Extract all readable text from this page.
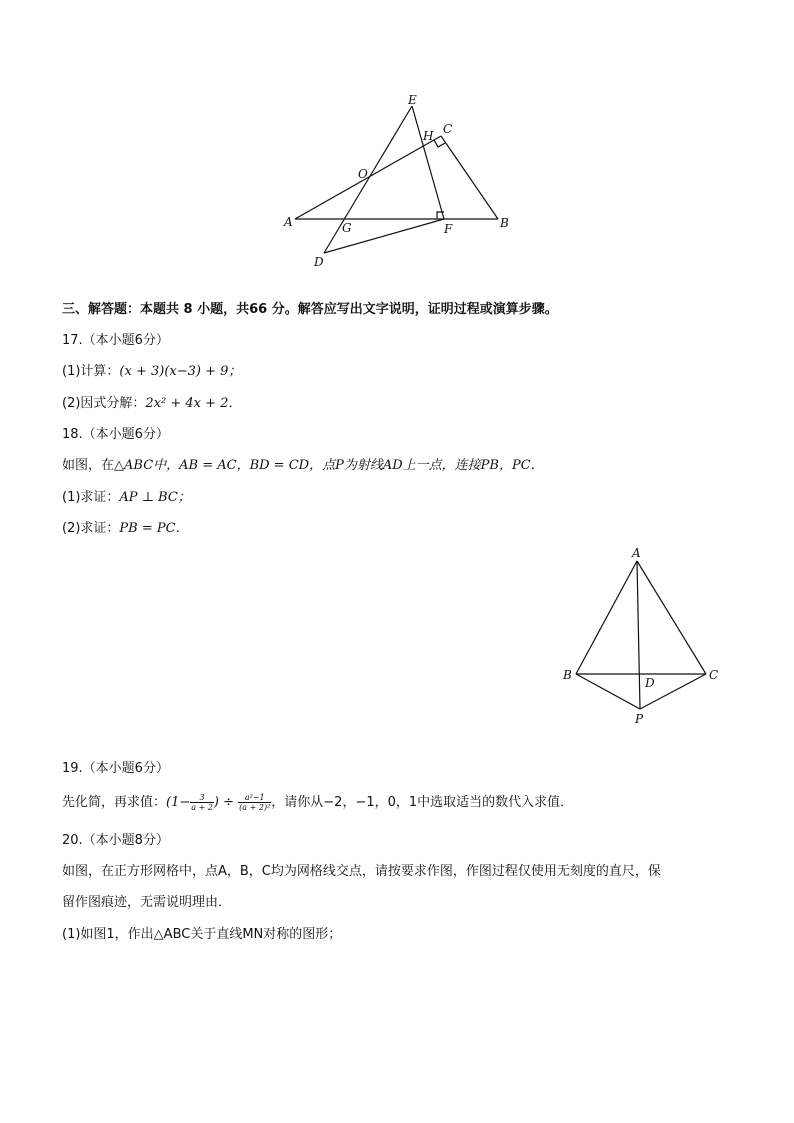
E
H C
O
A	G	F	B
D
三、解答题：本题共 8 小题，共66 分。解答应写出文字说明，证明过程或演算步骤。
17.（本小题6分）
(1)计算：(x + 3)(x−3) + 9；
(2)因式分解：2x² + 4x + 2．
18.（本小题6分）
如图，在△ABC中，AB = AC，BD = CD，点P为射线AD上一点，连接PB，PC．
(1)求证：AP ⊥ BC；
(2)求证：PB = PC．
A
B	C
D
P
19.（本小题6分）
先化简，再求值：($1- \frac{3}{a + 2}$ ) ÷ $\frac{\text{a²−1}}{\text{(a + 2)²}}$ ，请你从−2，−1，0，1中选取适当的数代入求值．
20.（本小题8分）
如图，在正方形网格中，点A，B，C均为网格线交点，请按要求作图，作图过程仅使用无刻度的直尺，保
留作图痕迹，无需说明理由．
(1)如图1，作出△ABC关于直线MN对称的图形；
